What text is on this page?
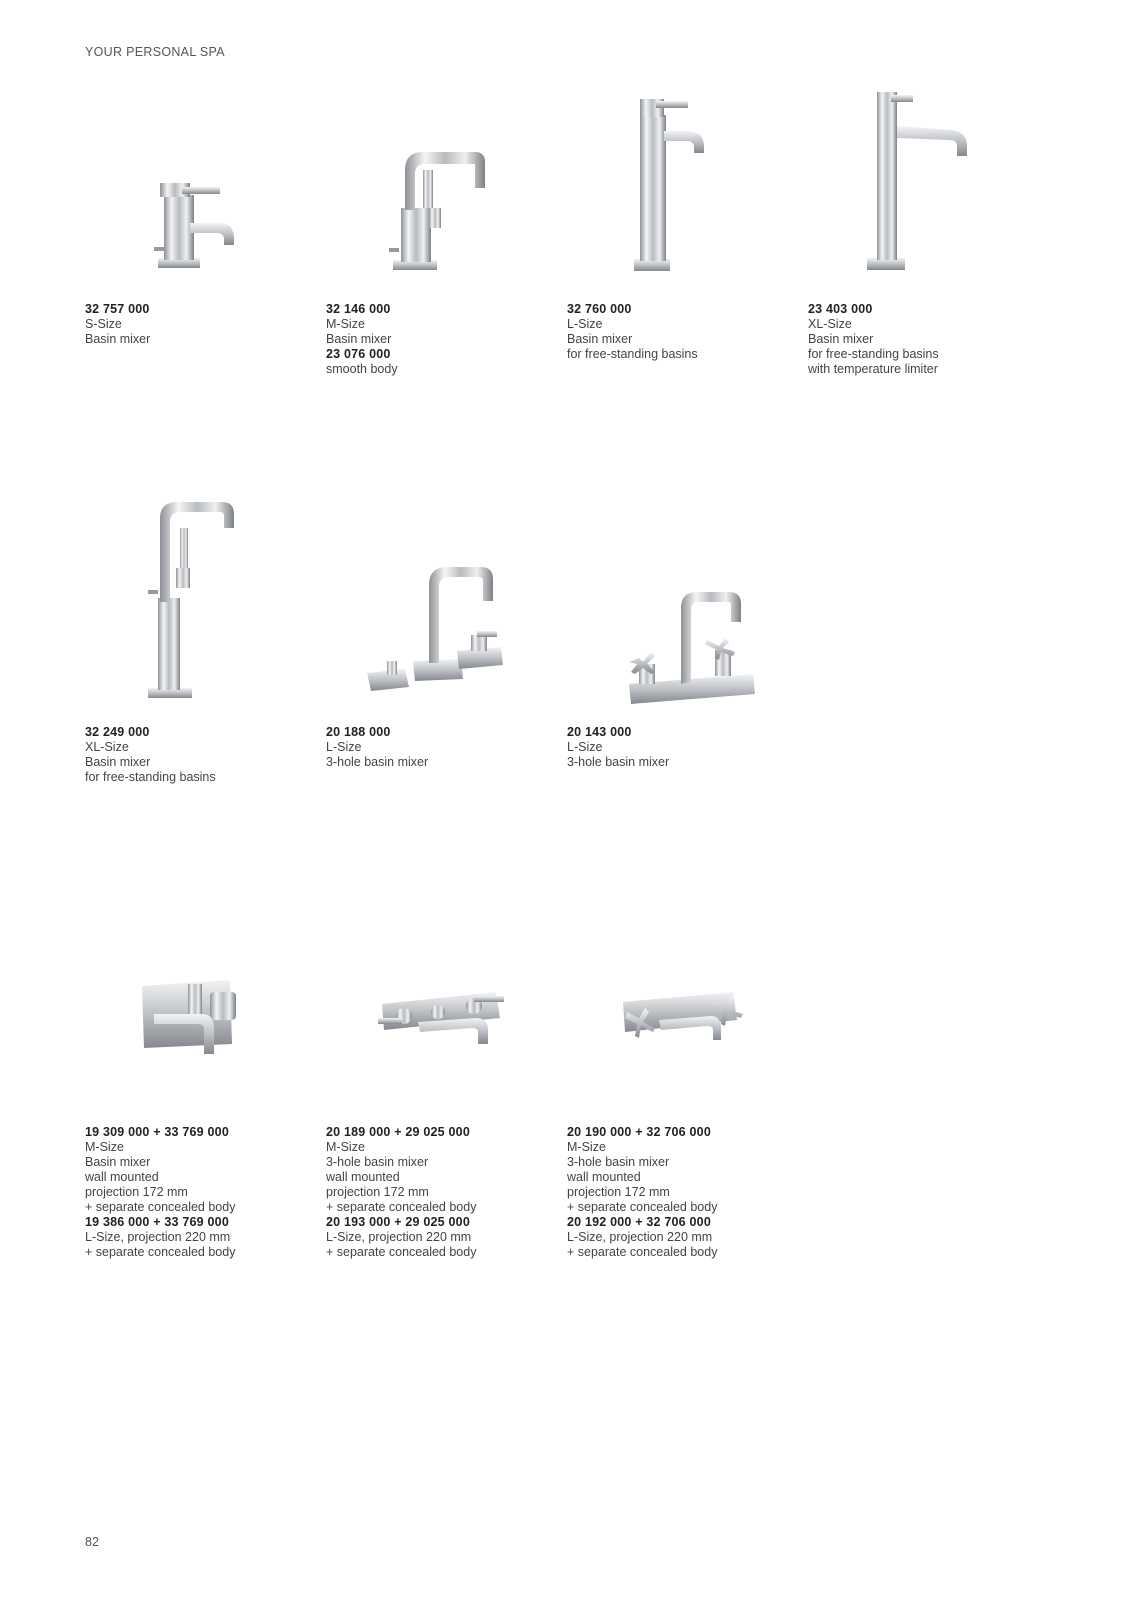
YOUR PERSONAL SPA
32 757 000
S-Size
Basin mixer
32 146 000
M-Size
Basin mixer
23 076 000
smooth body
32 760 000
L-Size
Basin mixer
for free-standing basins
23 403 000
XL-Size
Basin mixer
for free-standing basins
with temperature limiter
32 249 000
XL-Size
Basin mixer
for free-standing basins
20 188 000
L-Size
3-hole basin mixer
20 143 000
L-Size
3-hole basin mixer
19 309 000 + 33 769 000
M-Size
Basin mixer
wall mounted
projection 172 mm
+ separate concealed body
19 386 000 + 33 769 000
L-Size, projection 220 mm
+ separate concealed body
20 189 000 + 29 025 000
M-Size
3-hole basin mixer
wall mounted
projection 172 mm
+ separate concealed body
20 193 000 + 29 025 000
L-Size, projection 220 mm
+ separate concealed body
20 190 000 + 32 706 000
M-Size
3-hole basin mixer
wall mounted
projection 172 mm
+ separate concealed body
20 192 000 + 32 706 000
L-Size, projection 220 mm
+ separate concealed body
82
